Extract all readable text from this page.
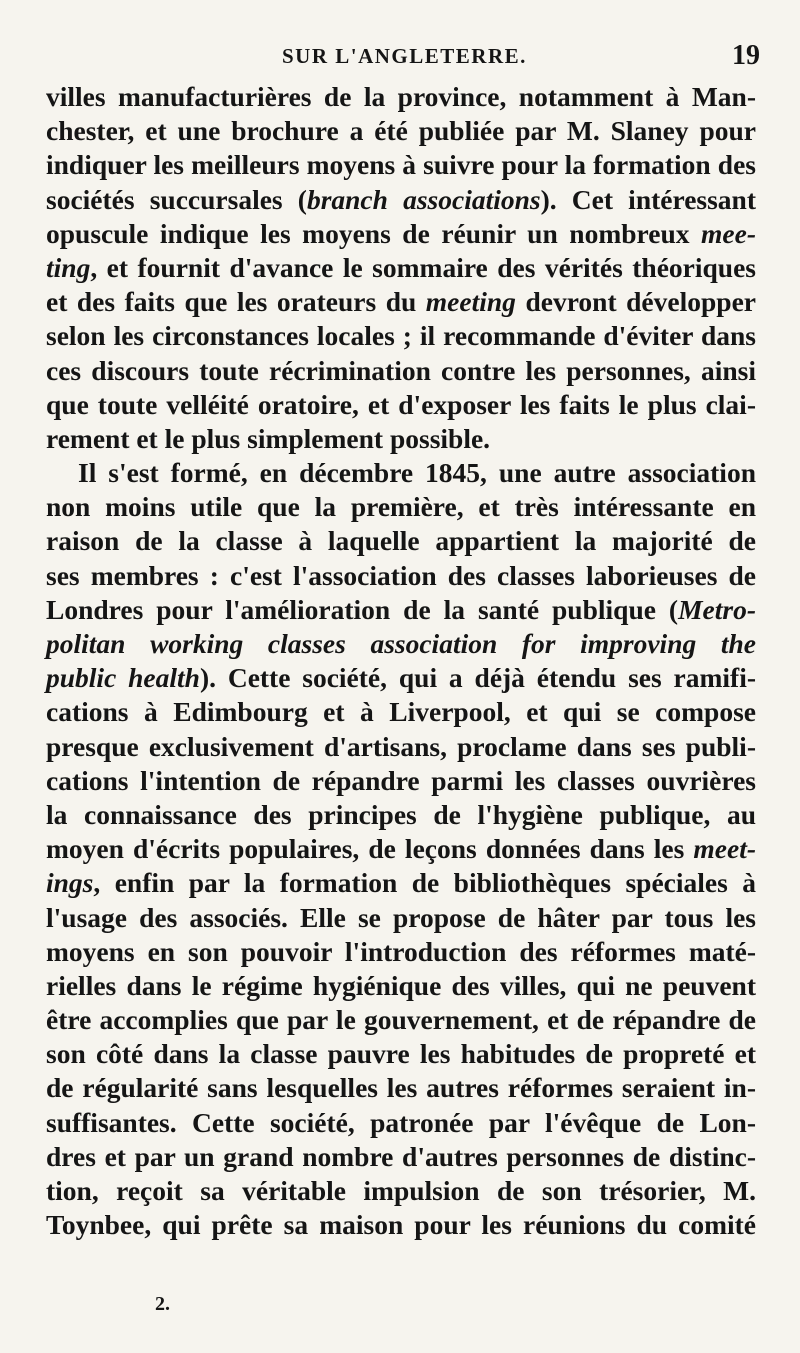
SUR L'ANGLETERRE.	19
villes manufacturières de la province, notamment à Man-
chester, et une brochure a été publiée par M. Slaney pour
indiquer les meilleurs moyens à suivre pour la formation des
sociétés succursales (branch associations). Cet intéressant
opuscule indique les moyens de réunir un nombreux mee-
ting, et fournit d'avance le sommaire des vérités théoriques
et des faits que les orateurs du meeting devront développer
selon les circonstances locales ; il recommande d'éviter dans
ces discours toute récrimination contre les personnes, ainsi
que toute velléité oratoire, et d'exposer les faits le plus clai-
rement et le plus simplement possible.
Il s'est formé, en décembre 1845, une autre association
non moins utile que la première, et très intéressante en
raison de la classe à laquelle appartient la majorité de
ses membres : c'est l'association des classes laborieuses de
Londres pour l'amélioration de la santé publique (Metro-
politan working classes association for improving the
public health). Cette société, qui a déjà étendu ses ramifi-
cations à Edimbourg et à Liverpool, et qui se compose
presque exclusivement d'artisans, proclame dans ses publi-
cations l'intention de répandre parmi les classes ouvrières
la connaissance des principes de l'hygiène publique, au
moyen d'écrits populaires, de leçons données dans les meet-
ings, enfin par la formation de bibliothèques spéciales à
l'usage des associés. Elle se propose de hâter par tous les
moyens en son pouvoir l'introduction des réformes maté-
rielles dans le régime hygiénique des villes, qui ne peuvent
être accomplies que par le gouvernement, et de répandre de
son côté dans la classe pauvre les habitudes de propreté et
de régularité sans lesquelles les autres réformes seraient in-
suffisantes. Cette société, patronée par l'évêque de Lon-
dres et par un grand nombre d'autres personnes de distinc-
tion, reçoit sa véritable impulsion de son trésorier, M.
Toynbee, qui prête sa maison pour les réunions du comité
2.
